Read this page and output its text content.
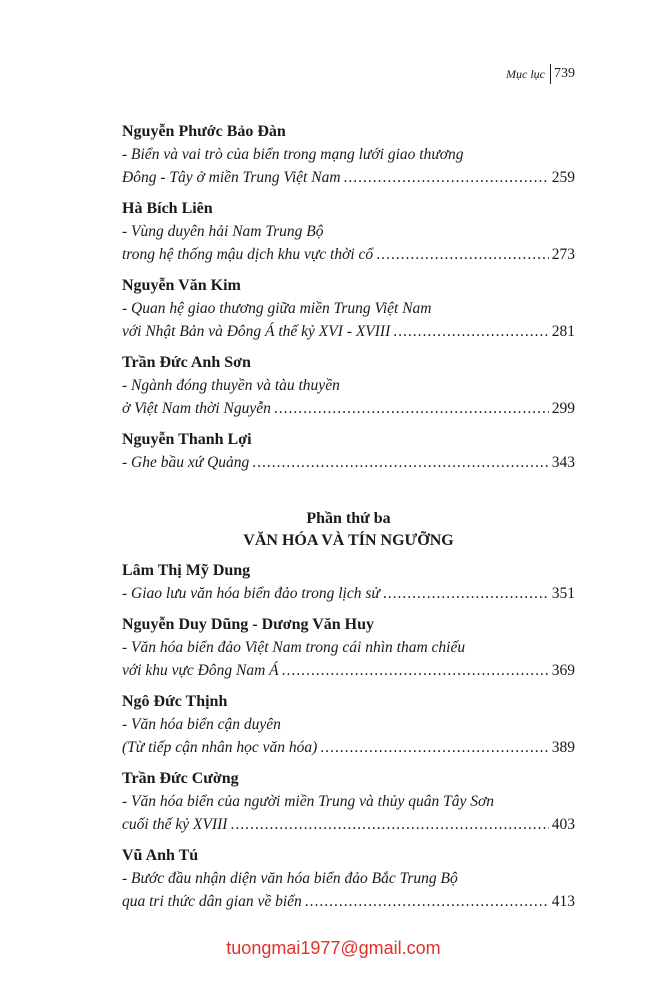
Mục lục 739
Nguyễn Phước Bảo Đàn
- Biển và vai trò của biển trong mạng lưới giao thương
Đông - Tây ở miền Trung Việt Nam .....	259
Hà Bích Liên
- Vùng duyên hải Nam Trung Bộ
trong hệ thống mậu dịch khu vực thời cổ .....	273
Nguyễn Văn Kim
- Quan hệ giao thương giữa miền Trung Việt Nam
với Nhật Bản và Đông Á thế kỷ XVI - XVIII .....	281
Trần Đức Anh Sơn
- Ngành đóng thuyền và tàu thuyền
ở Việt Nam thời Nguyễn .....	299
Nguyễn Thanh Lợi
- Ghe bầu xứ Quảng .....	343
Phần thứ ba
VĂN HÓA VÀ TÍN NGƯỠNG
Lâm Thị Mỹ Dung
- Giao lưu văn hóa biển đảo trong lịch sử .....	351
Nguyễn Duy Dũng - Dương Văn Huy
- Văn hóa biển đảo Việt Nam trong cái nhìn tham chiếu
với khu vực Đông Nam Á .....	369
Ngô Đức Thịnh
- Văn hóa biển cận duyên
(Từ tiếp cận nhân học văn hóa) .....	389
Trần Đức Cường
- Văn hóa biển của người miền Trung và thủy quân Tây Sơn
cuối thế kỷ XVIII .....	403
Vũ Anh Tú
- Bước đầu nhận diện văn hóa biển đảo Bắc Trung Bộ
qua tri thức dân gian về biển .....	413
tuongmai1977@gmail.com
